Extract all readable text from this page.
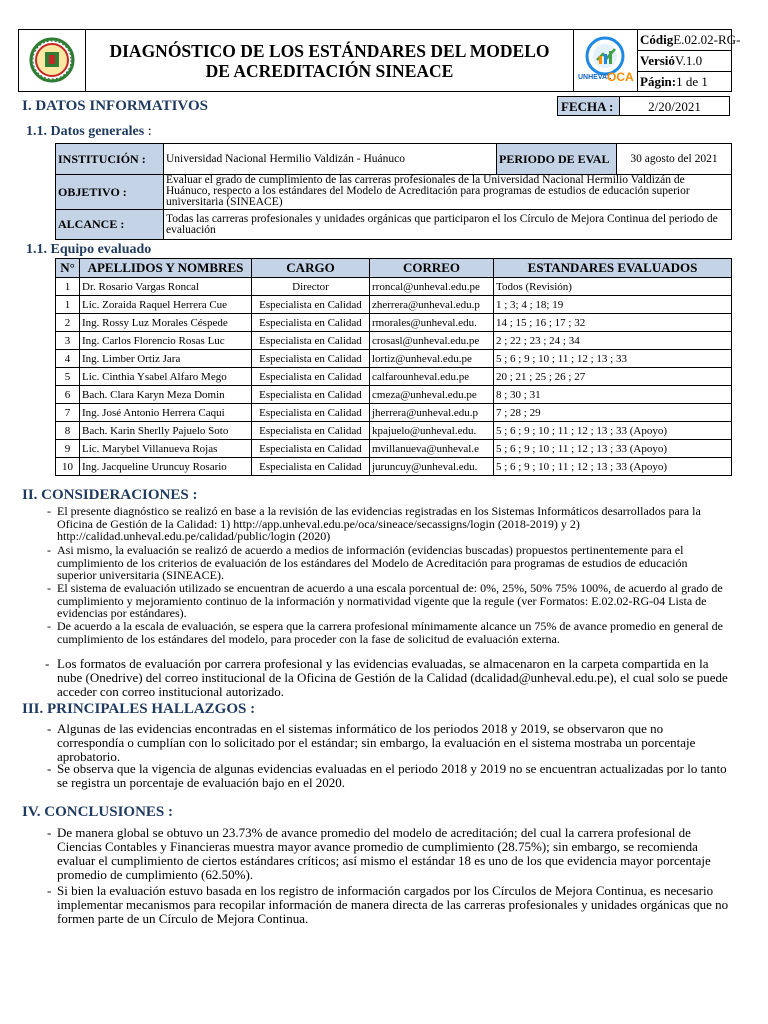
DIAGNÓSTICO DE LOS ESTÁNDARES DEL MODELO
DE ACREDITACIÓN SINEACE	UNHEVAL
OCA
CódigE.02.02-RG-
VersióV.1.0
Págin:1 de 1
I. DATOS INFORMATIVOS	FECHA :	2/20/2021
1.1. Datos generales :
INSTITUCIÓN :	Universidad Nacional Hermilio Valdizán - Huánuco	PERIODO DE EVAL	30 agosto del 2021
OBJETIVO :	Evaluar el grado de cumplimiento de las carreras profesionales de la Universidad Nacional Hermilio Valdizán de Huánuco, respecto a los estándares del Modelo de Acreditación para programas de estudios de educación superior universitaria (SINEACE)		

ALCANCE :	Todas las carreras profesionales y unidades orgánicas que participaron el los Círculo de Mejora Continua del periodo de evaluación		
1.1. Equipo evaluado
N°	APELLIDOS Y NOMBRES	CARGO	CORREO	ESTANDARES EVALUADOS
1	Dr. Rosario Vargas Roncal	Director	rroncal@unheval.edu.pe	Todos (Revisión)
1	Lic. Zoraida Raquel Herrera Cue	Especialista en Calidad	zherrera@unheval.edu.p	1 ; 3; 4 ; 18; 19
2	Ing. Rossy Luz Morales Céspede	Especialista en Calidad	rmorales@unheval.edu.	14 ; 15 ; 16 ; 17 ; 32
3	Ing. Carlos Florencio Rosas Luc	Especialista en Calidad	crosasl@unheval.edu.pe	2 ; 22 ; 23 ; 24 ; 34
4	Ing. Limber Ortiz Jara	Especialista en Calidad	lortiz@unheval.edu.pe	5 ; 6 ; 9 ; 10 ; 11 ; 12 ; 13 ; 33
5	Lic. Cinthia Ysabel Alfaro Mego	Especialista en Calidad	calfarounheval.edu.pe	20 ; 21 ; 25 ; 26 ; 27
6	Bach. Clara Karyn Meza Domin	Especialista en Calidad	cmeza@unheval.edu.pe	8 ; 30 ; 31
7	Ing. José Antonio Herrera Caqui	Especialista en Calidad	jherrera@unheval.edu.p	7 ; 28 ; 29
8	Bach. Karin Sherlly Pajuelo Soto	Especialista en Calidad	kpajuelo@unheval.edu.	5 ; 6 ; 9 ; 10 ; 11 ; 12 ; 13 ; 33 (Apoyo)
9	Lic. Marybel Villanueva Rojas	Especialista en Calidad	mvillanueva@unheval.e	5 ; 6 ; 9 ; 10 ; 11 ; 12 ; 13 ; 33 (Apoyo)
10	Ing. Jacqueline Uruncuy Rosario	Especialista en Calidad	juruncuy@unheval.edu.	5 ; 6 ; 9 ; 10 ; 11 ; 12 ; 13 ; 33 (Apoyo)
II. CONSIDERACIONES :
- El presente diagnóstico se realizó en base a la revisión de las evidencias registradas en los Sistemas Informáticos desarrollados para la Oficina de Gestión de la Calidad: 1) http://app.unheval.edu.pe/oca/sineace/secassigns/login (2018-2019) y 2) http://calidad.unheval.edu.pe/calidad/public/login (2020)
- Asi mismo, la evaluación se realizó de acuerdo a medios de información (evidencias buscadas) propuestos pertinentemente para el cumplimiento de los criterios de evaluación de los estándares del Modelo de Acreditación para programas de estudios de educación superior universitaria (SINEACE).
- El sistema de evaluación utilizado se encuentran de acuerdo a una escala porcentual de: 0%, 25%, 50% 75% 100%, de acuerdo al grado de cumplimiento y mejoramiento continuo de la información y normatividad vigente que la regule (ver Formatos: E.02.02-RG-04 Lista de evidencias por estándares).
- De acuerdo a la escala de evaluación, se espera que la carrera profesional mínimamente alcance un 75% de avance promedio en general de cumplimiento de los estándares del modelo, para proceder con la fase de solicitud de evaluación externa.
- Los formatos de evaluación por carrera profesional y las evidencias evaluadas, se almacenaron en la carpeta compartida en la nube (Onedrive) del correo institucional de la Oficina de Gestión de la Calidad (dcalidad@unheval.edu.pe), el cual solo se puede acceder con correo institucional autorizado.
III. PRINCIPALES HALLAZGOS :
- Algunas de las evidencias encontradas en el sistemas informático de los periodos 2018 y 2019, se observaron que no correspondía o cumplían con lo solicitado por el estándar; sin embargo, la evaluación en el sistema mostraba un porcentaje aprobatorio.
- Se observa que la vigencia de algunas evidencias evaluadas en el periodo 2018 y 2019 no se encuentran actualizadas por lo tanto se registra un porcentaje de evaluación bajo en el 2020.
IV. CONCLUSIONES :
- De manera global se obtuvo un 23.73% de avance promedio del modelo de acreditación; del cual la carrera profesional de Ciencias Contables y Financieras muestra mayor avance promedio de cumplimiento (28.75%); sin embargo, se recomienda evaluar el cumplimiento de ciertos estándares críticos; así mismo el estándar 18 es uno de los que evidencia mayor porcentaje promedio de cumplimiento (62.50%).
- Si bien la evaluación estuvo basada en los registro de información cargados por los Círculos de Mejora Continua, es necesario implementar mecanismos para recopilar información de manera directa de las carreras profesionales y unidades orgánicas que no formen parte de un Círculo de Mejora Continua.
